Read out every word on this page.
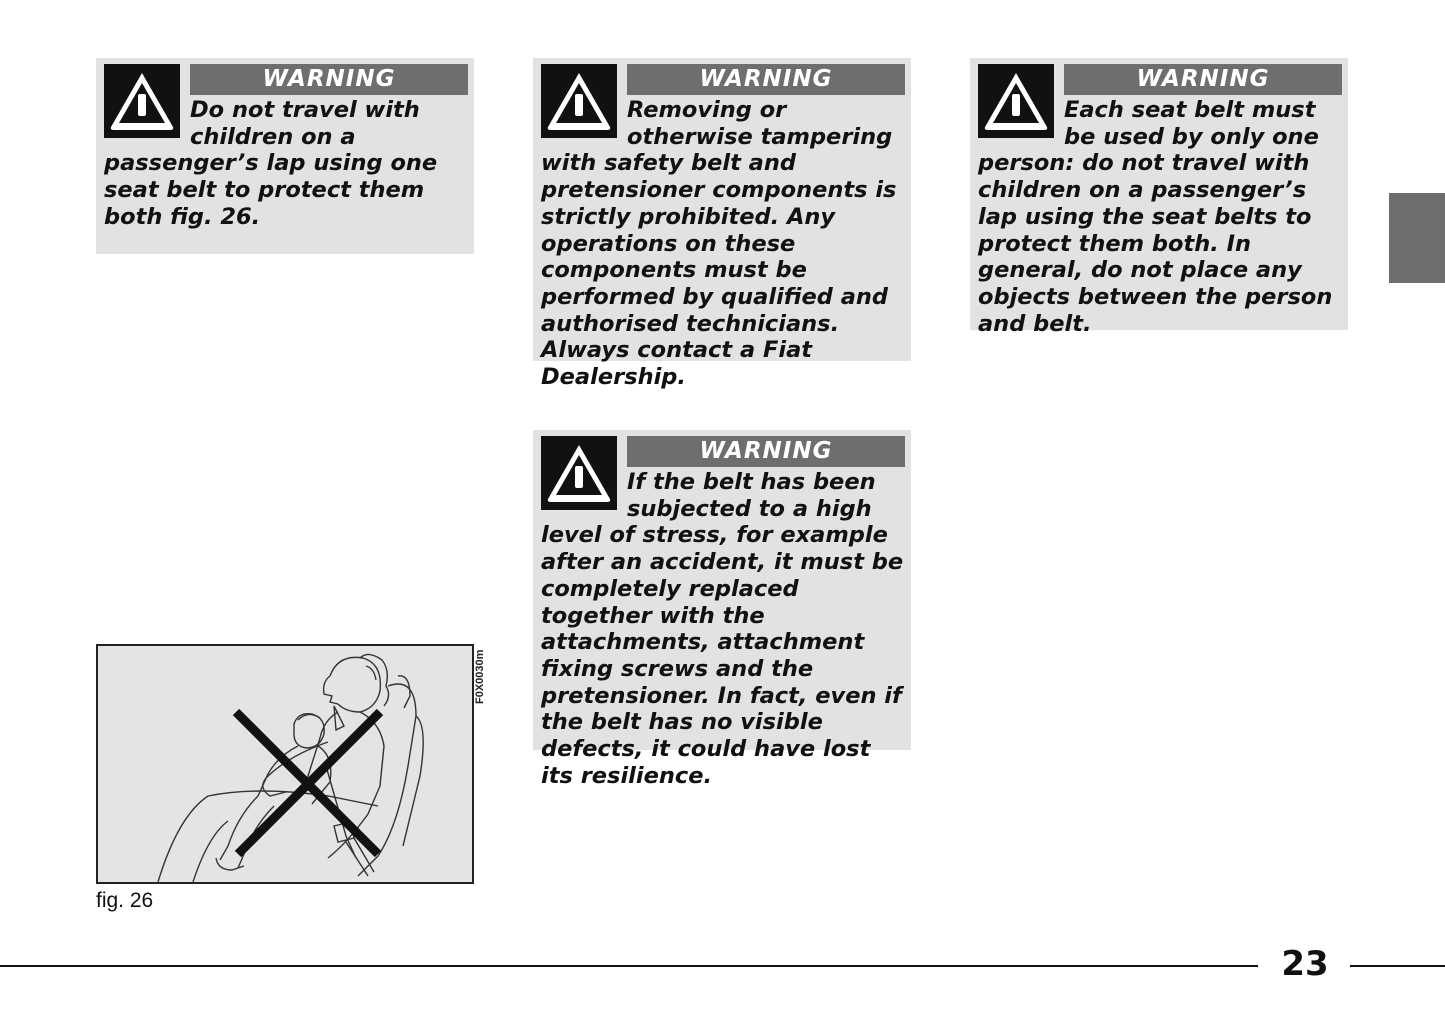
WARNING
Do not travel with children on a passenger’s lap using one seat belt to protect them both fig. 26.
WARNING
Removing or otherwise tampering with safety belt and pretensioner components is strictly prohibited. Any operations on these components must be performed by qualified and authorised technicians. Always contact a Fiat Dealership.
WARNING
Each seat belt must be used by only one person: do not travel with children on a passenger’s lap using the seat belts to protect them both. In general, do not place any objects between the person and belt.
WARNING
If the belt has been subjected to a high level of stress, for example after an accident, it must be completely replaced together with the attachments, attachment fixing screws and the pretensioner. In fact, even if the belt has no visible defects, it could have lost its resilience.
F0X0030m
fig. 26
23
